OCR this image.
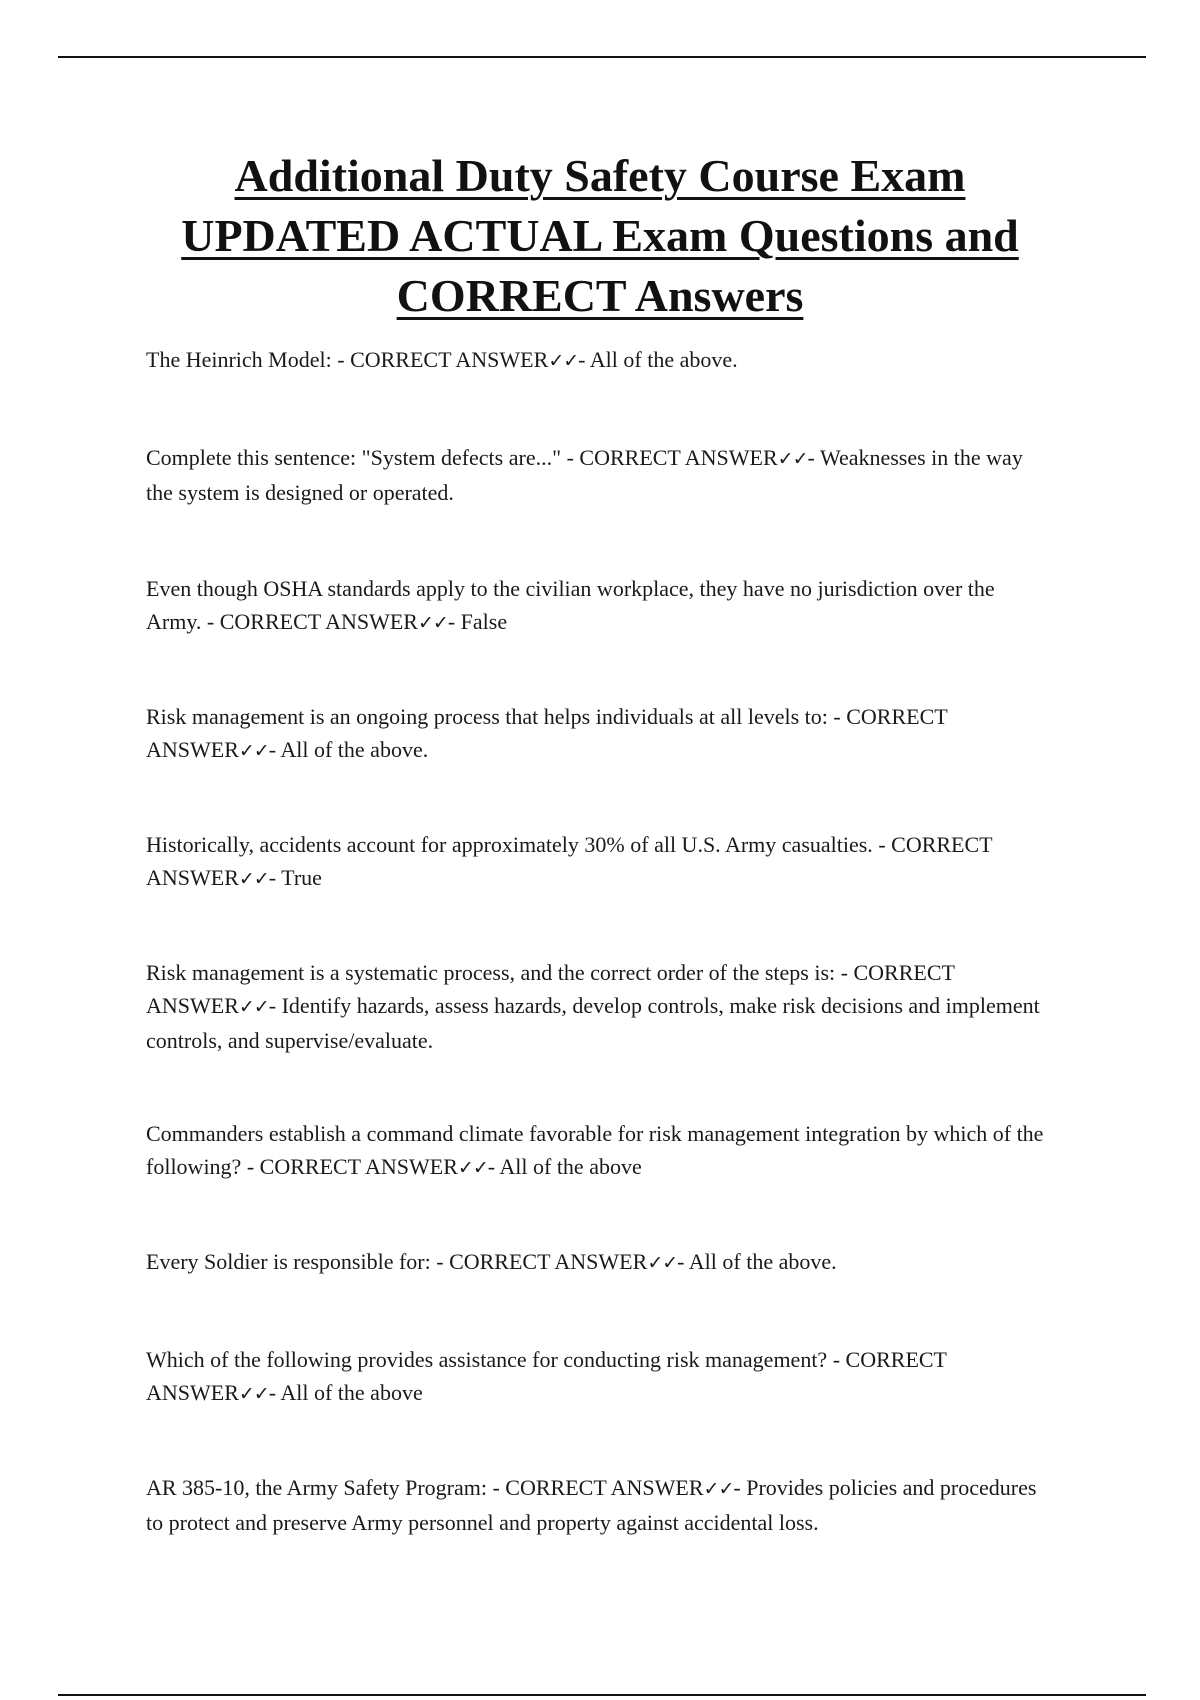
Additional Duty Safety Course Exam
UPDATED ACTUAL Exam Questions and
CORRECT Answers
The Heinrich Model: - CORRECT ANSWER✓✓- All of the above.
Complete this sentence: "System defects are..." - CORRECT ANSWER✓✓- Weaknesses in the way the system is designed or operated.
Even though OSHA standards apply to the civilian workplace, they have no jurisdiction over the Army. - CORRECT ANSWER✓✓- False
Risk management is an ongoing process that helps individuals at all levels to: - CORRECT ANSWER✓✓- All of the above.
Historically, accidents account for approximately 30% of all U.S. Army casualties. - CORRECT ANSWER✓✓- True
Risk management is a systematic process, and the correct order of the steps is: - CORRECT ANSWER✓✓- Identify hazards, assess hazards, develop controls, make risk decisions and implement controls, and supervise/evaluate.
Commanders establish a command climate favorable for risk management integration by which of the following? - CORRECT ANSWER✓✓- All of the above
Every Soldier is responsible for: - CORRECT ANSWER✓✓- All of the above.
Which of the following provides assistance for conducting risk management? - CORRECT ANSWER✓✓- All of the above
AR 385-10, the Army Safety Program: - CORRECT ANSWER✓✓- Provides policies and procedures to protect and preserve Army personnel and property against accidental loss.
